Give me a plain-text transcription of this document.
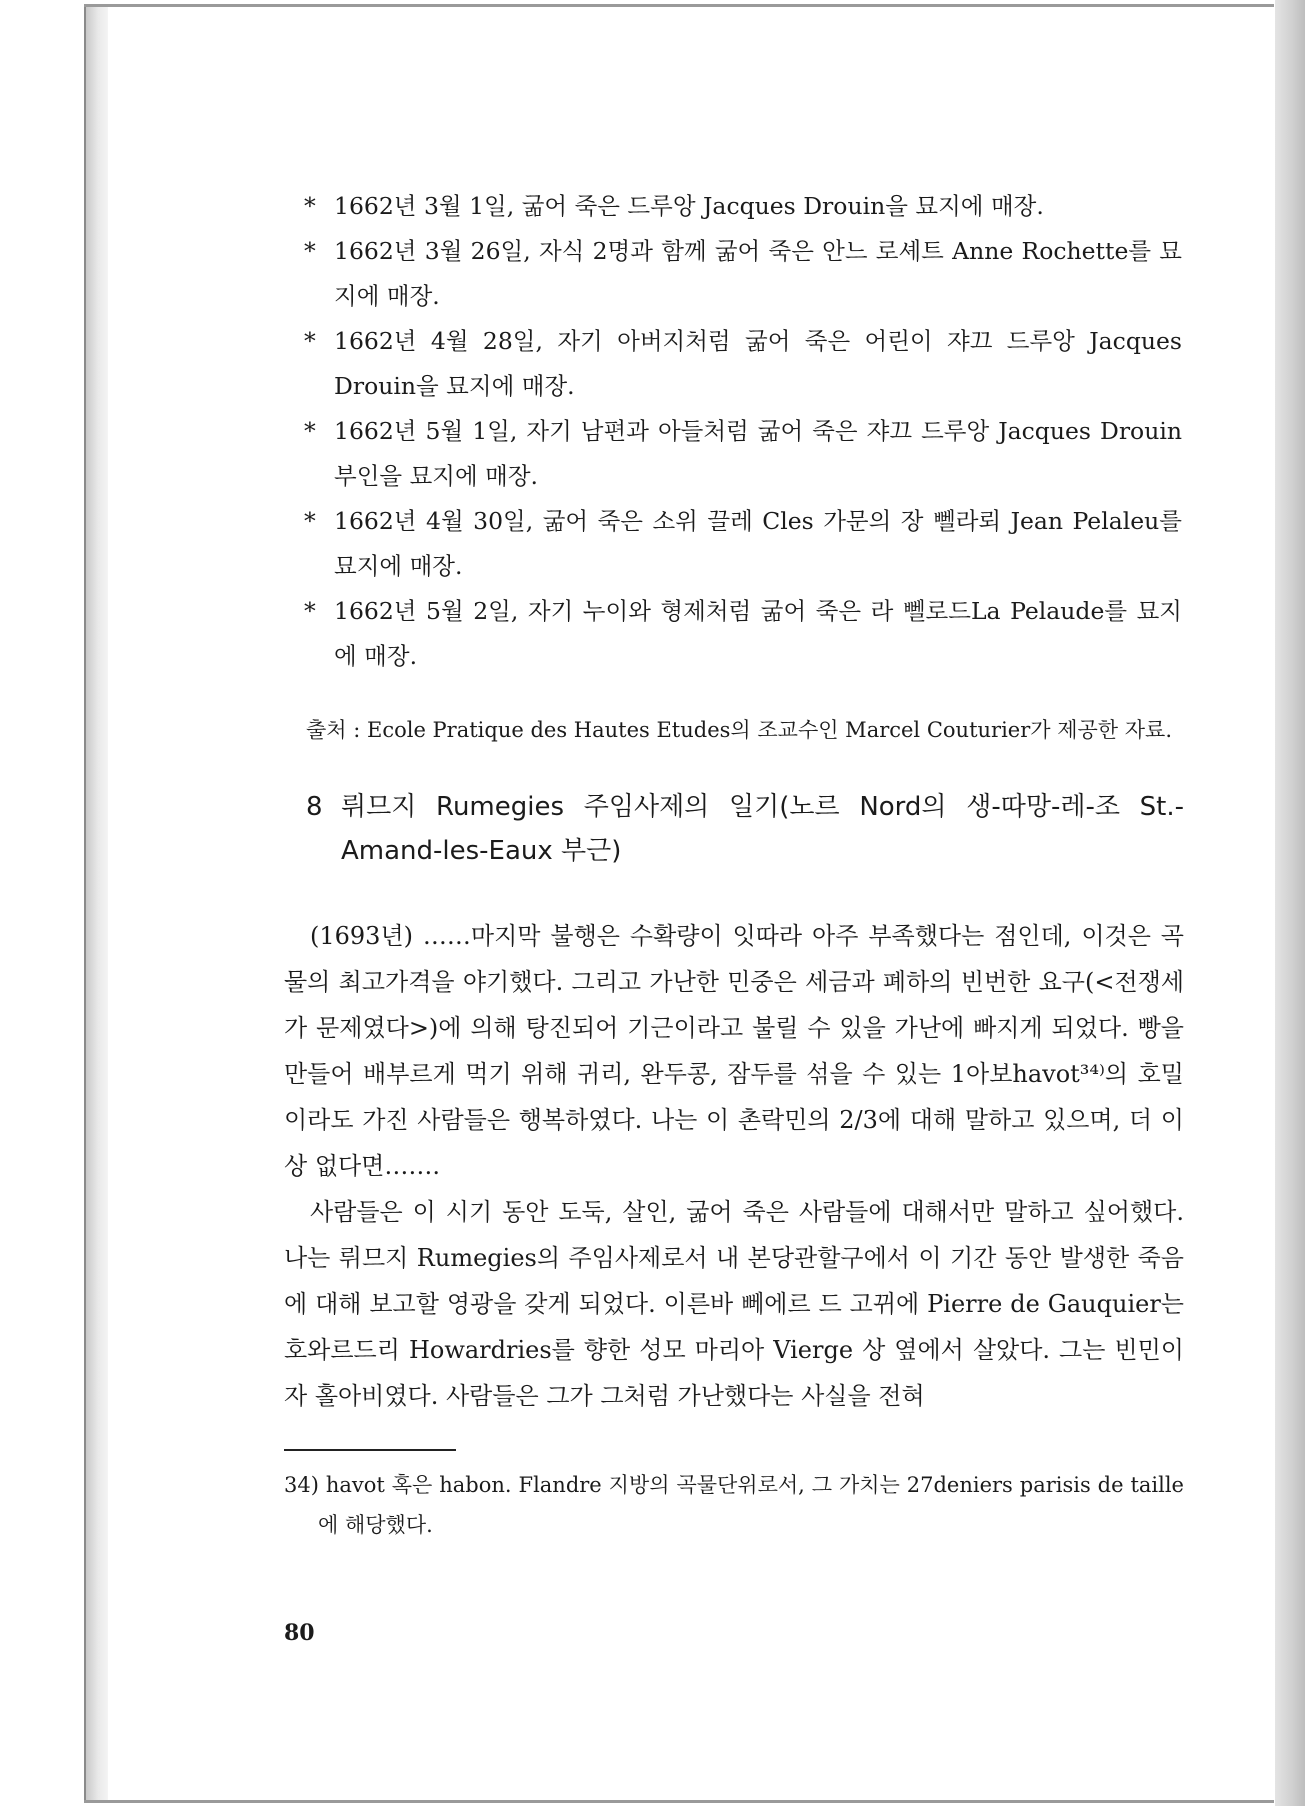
* 1662년 3월 1일, 굶어 죽은 드루앙 Jacques Drouin을 묘지에 매장.
* 1662년 3월 26일, 자식 2명과 함께 굶어 죽은 안느 로셰트 Anne Rochette를 묘지에 매장.
* 1662년 4월 28일, 자기 아버지처럼 굶어 죽은 어린이 쟈끄 드루앙 Jacques Drouin을 묘지에 매장.
* 1662년 5월 1일, 자기 남편과 아들처럼 굶어 죽은 쟈끄 드루앙 Jacques Drouin 부인을 묘지에 매장.
* 1662년 4월 30일, 굶어 죽은 소위 끌레 Cles 가문의 장 뻴라뢰 Jean Pelaleu를 묘지에 매장.
* 1662년 5월 2일, 자기 누이와 형제처럼 굶어 죽은 라 뻴로드La Pelaude를 묘지에 매장.
출처 : Ecole Pratique des Hautes Etudes의 조교수인 Marcel Couturier가 제공한 자료.
8 뤼므지 Rumegies 주임사제의 일기(노르 Nord의 생-따망-레-조 St.-Amand-les-Eaux 부근)

(1693년) ……마지막 불행은 수확량이 잇따라 아주 부족했다는 점인데, 이것은 곡물의 최고가격을 야기했다. 그리고 가난한 민중은 세금과 폐하의 빈번한 요구(<전쟁세가 문제였다>)에 의해 탕진되어 기근이라고 불릴 수 있을 가난에 빠지게 되었다. 빵을 만들어 배부르게 먹기 위해 귀리, 완두콩, 잠두를 섞을 수 있는 1아보havot³⁴⁾의 호밀이라도 가진 사람들은 행복하였다. 나는 이 촌락민의 2/3에 대해 말하고 있으며, 더 이상 없다면…….

사람들은 이 시기 동안 도둑, 살인, 굶어 죽은 사람들에 대해서만 말하고 싶어했다. 나는 뤼므지 Rumegies의 주임사제로서 내 본당관할구에서 이 기간 동안 발생한 죽음에 대해 보고할 영광을 갖게 되었다. 이른바 뻬에르 드 고뀌에 Pierre de Gauquier는 호와르드리 Howardries를 향한 성모 마리아 Vierge 상 옆에서 살았다. 그는 빈민이자 홀아비였다. 사람들은 그가 그처럼 가난했다는 사실을 전혀

34) havot 혹은 habon. Flandre 지방의 곡물단위로서, 그 가치는 27deniers parisis de taille에 해당했다.
80
